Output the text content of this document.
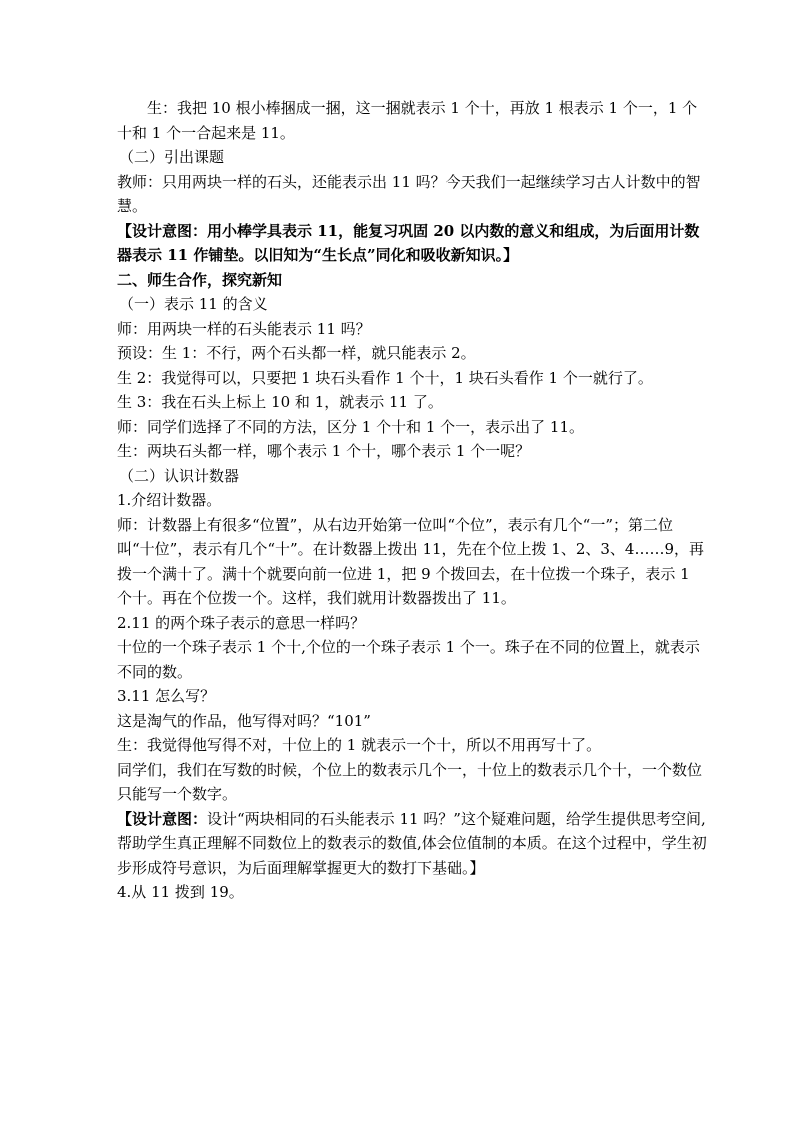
生：我把 10 根小棒捆成一捆，这一捆就表示 1 个十，再放 1 根表示 1 个一，1 个十和 1 个一合起来是 11。

（二）引出课题

教师：只用两块一样的石头，还能表示出 11 吗？今天我们一起继续学习古人计数中的智慧。

【设计意图：用小棒学具表示 11，能复习巩固 20 以内数的意义和组成，为后面用计数器表示 11 作铺垫。以旧知为“生长点”同化和吸收新知识。】

二、师生合作，探究新知

（一）表示 11 的含义

师：用两块一样的石头能表示 11 吗？

预设：生 1：不行，两个石头都一样，就只能表示 2。

生 2：我觉得可以，只要把 1 块石头看作 1 个十，1 块石头看作 1 个一就行了。

生 3：我在石头上标上 10 和 1，就表示 11 了。

师：同学们选择了不同的方法，区分 1 个十和 1 个一，表示出了 11。

生：两块石头都一样，哪个表示 1 个十，哪个表示 1 个一呢？

（二）认识计数器

1.介绍计数器。

师：计数器上有很多“位置”，从右边开始第一位叫“个位”，表示有几个“一”；第二位叫“十位”，表示有几个“十”。在计数器上拨出 11，先在个位上拨 1、2、3、4……9，再拨一个满十了。满十个就要向前一位进 1，把 9 个拨回去，在十位拨一个珠子，表示 1 个十。再在个位拨一个。这样，我们就用计数器拨出了 11。

2.11 的两个珠子表示的意思一样吗？

十位的一个珠子表示 1 个十,个位的一个珠子表示 1 个一。珠子在不同的位置上，就表示不同的数。

3.11 怎么写？

这是淘气的作品，他写得对吗？“101”

生：我觉得他写得不对，十位上的 1 就表示一个十，所以不用再写十了。

同学们，我们在写数的时候，个位上的数表示几个一，十位上的数表示几个十，一个数位只能写一个数字。

【设计意图：设计“两块相同的石头能表示 11 吗？”这个疑难问题，给学生提供思考空间,帮助学生真正理解不同数位上的数表示的数值,体会位值制的本质。在这个过程中，学生初步形成符号意识，为后面理解掌握更大的数打下基础。】

4.从 11 拨到 19。
